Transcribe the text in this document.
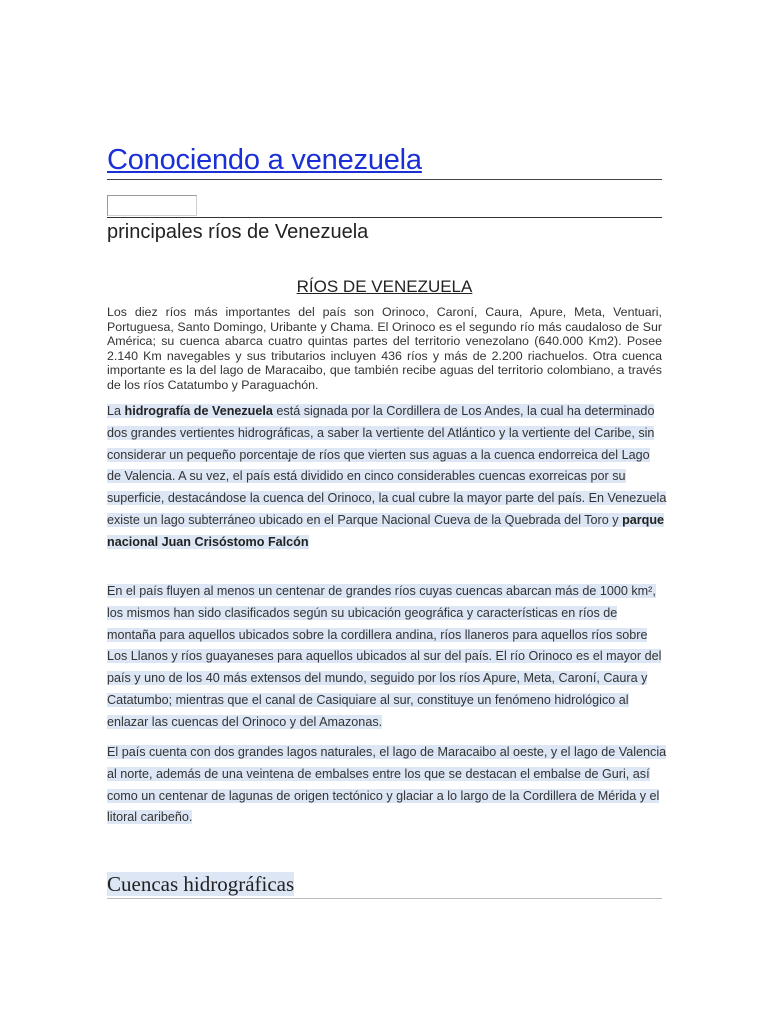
Conociendo a venezuela
principales ríos de Venezuela
RÍOS DE VENEZUELA
Los diez ríos más importantes del país son Orinoco, Caroní, Caura, Apure, Meta, Ventuari, Portuguesa, Santo Domingo, Uribante y Chama. El Orinoco es el segundo río más caudaloso de Sur América; su cuenca abarca cuatro quintas partes del territorio venezolano (640.000 Km2). Posee 2.140 Km navegables y sus tributarios incluyen 436 ríos y más de 2.200 riachuelos. Otra cuenca importante es la del lago de Maracaibo, que también recibe aguas del territorio colombiano, a través de los ríos Catatumbo y Paraguachón.
La hidrografía de Venezuela está signada por la Cordillera de Los Andes, la cual ha determinado dos grandes vertientes hidrográficas, a saber la vertiente del Atlántico y la vertiente del Caribe, sin considerar un pequeño porcentaje de ríos que vierten sus aguas a la cuenca endorreica del Lago de Valencia. A su vez, el país está dividido en cinco considerables cuencas exorreicas por su superficie, destacándose la cuenca del Orinoco, la cual cubre la mayor parte del país. En Venezuela existe un lago subterráneo ubicado en el Parque Nacional Cueva de la Quebrada del Toro y parque nacional Juan Crisóstomo Falcón
En el país fluyen al menos un centenar de grandes ríos cuyas cuencas abarcan más de 1000 km², los mismos han sido clasificados según su ubicación geográfica y características en ríos de montaña para aquellos ubicados sobre la cordillera andina, ríos llaneros para aquellos ríos sobre Los Llanos y ríos guayaneses para aquellos ubicados al sur del país. El río Orinoco es el mayor del país y uno de los 40 más extensos del mundo, seguido por los ríos Apure, Meta, Caroní, Caura y Catatumbo; mientras que el canal de Casiquiare al sur, constituye un fenómeno hidrológico al enlazar las cuencas del Orinoco y del Amazonas.
El país cuenta con dos grandes lagos naturales, el lago de Maracaibo al oeste, y el lago de Valencia al norte, además de una veintena de embalses entre los que se destacan el embalse de Guri, así como un centenar de lagunas de origen tectónico y glaciar a lo largo de la Cordillera de Mérida y el litoral caribeño.
Cuencas hidrográficas
